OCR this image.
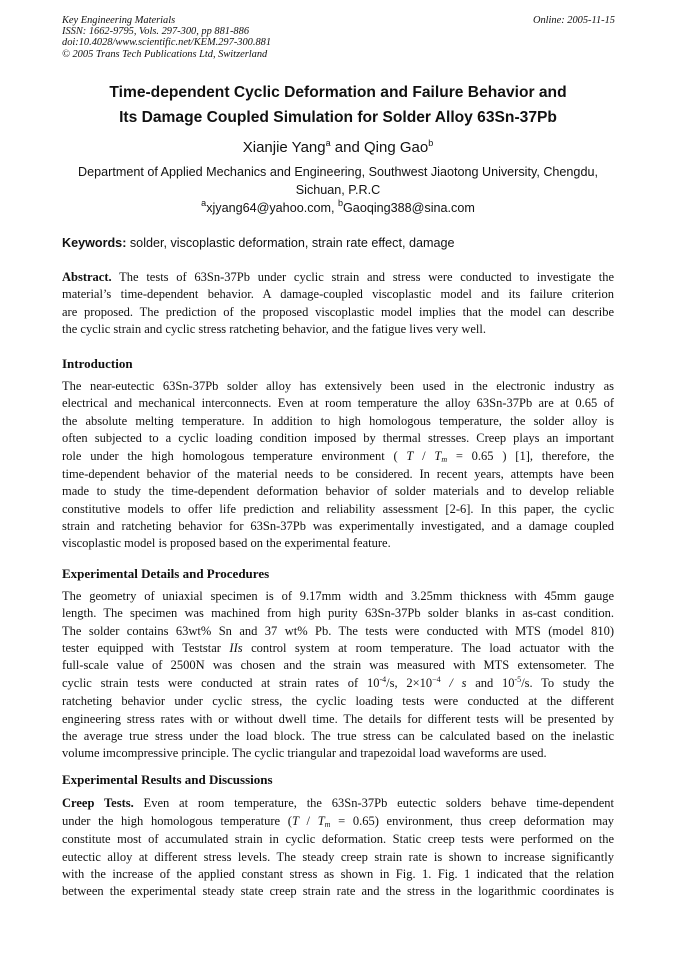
Key Engineering Materials
ISSN: 1662-9795, Vols. 297-300, pp 881-886
doi:10.4028/www.scientific.net/KEM.297-300.881
© 2005 Trans Tech Publications Ltd, Switzerland
Online: 2005-11-15
Time-dependent Cyclic Deformation and Failure Behavior and
Its Damage Coupled Simulation for Solder Alloy 63Sn-37Pb
Xianjie Yang$^a$ and Qing Gao$^b$
Department of Applied Mechanics and Engineering, Southwest Jiaotong University, Chengdu,
Sichuan, P.R.C
$^a$xjyang64@yahoo.com, $^b$Gaoqing388@sina.com
Keywords: solder, viscoplastic deformation, strain rate effect, damage
Abstract. The tests of 63Sn-37Pb under cyclic strain and stress were conducted to investigate the
material’s time-dependent behavior. A damage-coupled viscoplastic model and its failure criterion
are proposed. The prediction of the proposed viscoplastic model implies that the model can describe
the cyclic strain and cyclic stress ratcheting behavior, and the fatigue lives very well.
Introduction
The near-eutectic 63Sn-37Pb solder alloy has extensively been used in the electronic industry as
electrical and mechanical interconnects. Even at room temperature the alloy 63Sn-37Pb are at 0.65 of
the absolute melting temperature. In addition to high homologous temperature, the solder alloy is
often subjected to a cyclic loading condition imposed by thermal stresses. Creep plays an important
role under the high homologous temperature environment ( $T / T_m = 0.65$ ) [1], therefore, the
time-dependent behavior of the material needs to be considered. In recent years, attempts have been
made to study the time-dependent deformation behavior of solder materials and to develop reliable
constitutive models to offer life prediction and reliability assessment [2-6]. In this paper, the cyclic
strain and ratcheting behavior for 63Sn-37Pb was experimentally investigated, and a damage coupled
viscoplastic model is proposed based on the experimental feature.
Experimental Details and Procedures
The geometry of uniaxial specimen is of 9.17mm width and 3.25mm thickness with 45mm gauge
length. The specimen was machined from high purity 63Sn-37Pb solder blanks in as-cast condition.
The solder contains 63wt% Sn and 37 wt% Pb. The tests were conducted with MTS (model 810)
tester equipped with Teststar IIs control system at room temperature. The load actuator with the
full-scale value of 2500N was chosen and the strain was measured with MTS extensometer. The
cyclic strain tests were conducted at strain rates of $10^{-4}/s$, $2\times 10^{-4} / s$ and $10^{-5}/s$. To study the
ratcheting behavior under cyclic stress, the cyclic loading tests were conducted at the different
engineering stress rates with or without dwell time. The details for different tests will be presented by
the average true stress under the load block. The true stress can be calculated based on the inelastic
volume imcompressive principle. The cyclic triangular and trapezoidal load waveforms are used.
Experimental Results and Discussions
Creep Tests. Even at room temperature, the 63Sn-37Pb eutectic solders behave time-dependent
under the high homologous temperature $(T / T_m = 0.65)$ environment, thus creep deformation may
constitute most of accumulated strain in cyclic deformation. Static creep tests were performed on the
eutectic alloy at different stress levels. The steady creep strain rate is shown to increase significantly
with the increase of the applied constant stress as shown in Fig. 1. Fig. 1 indicated that the relation
between the experimental steady state creep strain rate and the stress in the logarithmic coordinates is
